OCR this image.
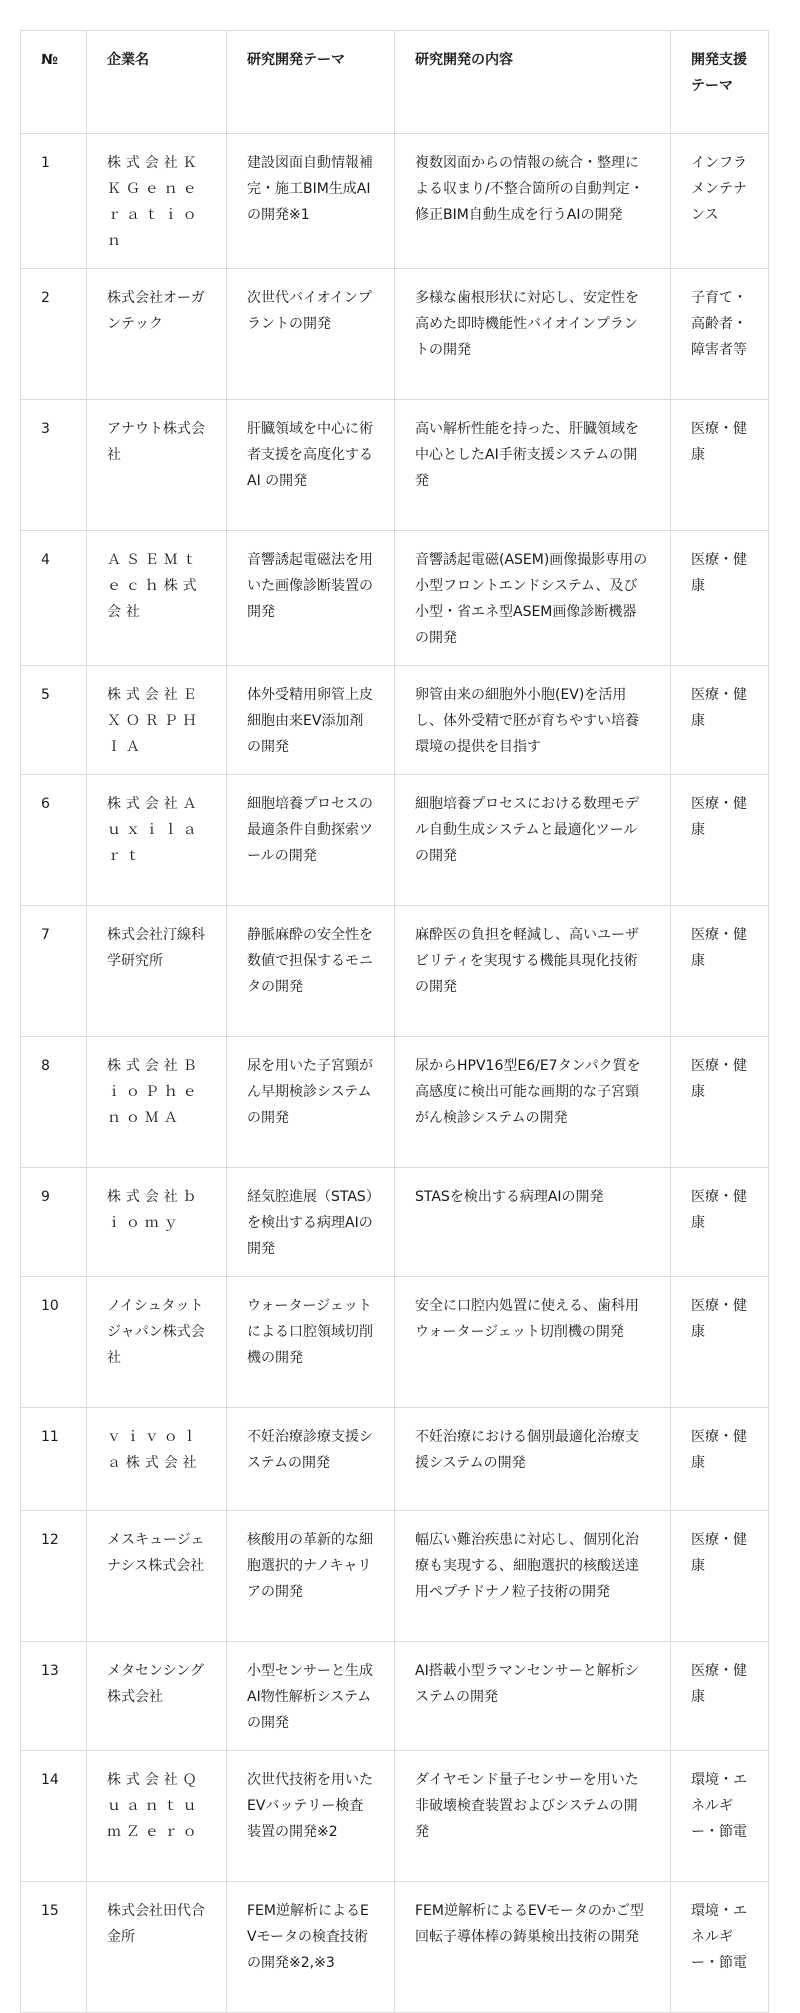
№	企業名	研究開発テーマ	研究開発の内容	開発支援テーマ
1	株式会社ＫＫＧｅｎｅｒａｔｉｏｎ	建設図面自動情報補完・施工BIM生成AIの開発※1	複数図面からの情報の統合・整理による収まり/不整合箇所の自動判定・修正BIM自動生成を行うAIの開発	インフラメンテナンス
2	株式会社オーガンテック	次世代バイオインプラントの開発	多様な歯根形状に対応し、安定性を高めた即時機能性バイオインプラントの開発	子育て・高齢者・障害者等
3	アナウト株式会社	肝臓領域を中心に術者支援を高度化するAI の開発	高い解析性能を持った、肝臓領域を中心としたAI手術支援システムの開発	医療・健康
4	ＡＳＥＭｔｅｃｈ株式会社	音響誘起電磁法を用いた画像診断装置の開発	音響誘起電磁(ASEM)画像撮影専用の小型フロントエンドシステム、及び小型・省エネ型ASEM画像診断機器の開発	医療・健康
5	株式会社ＥＸＯＲＰＨＩＡ	体外受精用卵管上皮細胞由来EV添加剤の開発	卵管由来の細胞外小胞(EV)を活用し、体外受精で胚が育ちやすい培養環境の提供を目指す	医療・健康
6	株式会社Ａｕｘｉｌａｒｔ	細胞培養プロセスの最適条件自動探索ツールの開発	細胞培養プロセスにおける数理モデル自動生成システムと最適化ツールの開発	医療・健康
7	株式会社汀線科学研究所	静脈麻酔の安全性を数値で担保するモニタの開発	麻酔医の負担を軽減し、高いユーザビリティを実現する機能具現化技術の開発	医療・健康
8	株式会社ＢｉｏＰｈｅｎｏＭＡ	尿を用いた子宮頸がん早期検診システムの開発	尿からHPV16型E6/E7タンパク質を高感度に検出可能な画期的な子宮頸がん検診システムの開発	医療・健康
9	株式会社ｂｉｏｍｙ	経気腔進展（STAS）を検出する病理AIの開発	STASを検出する病理AIの開発	医療・健康
10	ノイシュタットジャパン株式会社	ウォータージェットによる口腔領域切削機の開発	安全に口腔内処置に使える、歯科用ウォータージェット切削機の開発	医療・健康
11	ｖｉｖｏｌａ株式会社	不妊治療診療支援システムの開発	不妊治療における個別最適化治療支援システムの開発	医療・健康
12	メスキュージェナシス株式会社	核酸用の革新的な細胞選択的ナノキャリアの開発	幅広い難治疾患に対応し、個別化治療も実現する、細胞選択的核酸送達用ペプチドナノ粒子技術の開発	医療・健康
13	メタセンシング株式会社	小型センサーと生成AI物性解析システムの開発	AI搭載小型ラマンセンサーと解析システムの開発	医療・健康
14	株式会社ＱｕａｎｔｕｍＺｅｒｏ	次世代技術を用いたEVバッテリー検査装置の開発※2	ダイヤモンド量子センサーを用いた非破壊検査装置およびシステムの開発	環境・エネルギー・節電
15	株式会社田代合金所	FEM逆解析によるEVモータの検査技術の開発※2,※3	FEM逆解析によるEVモータのかご型回転子導体棒の鋳巣検出技術の開発	環境・エネルギー・節電
